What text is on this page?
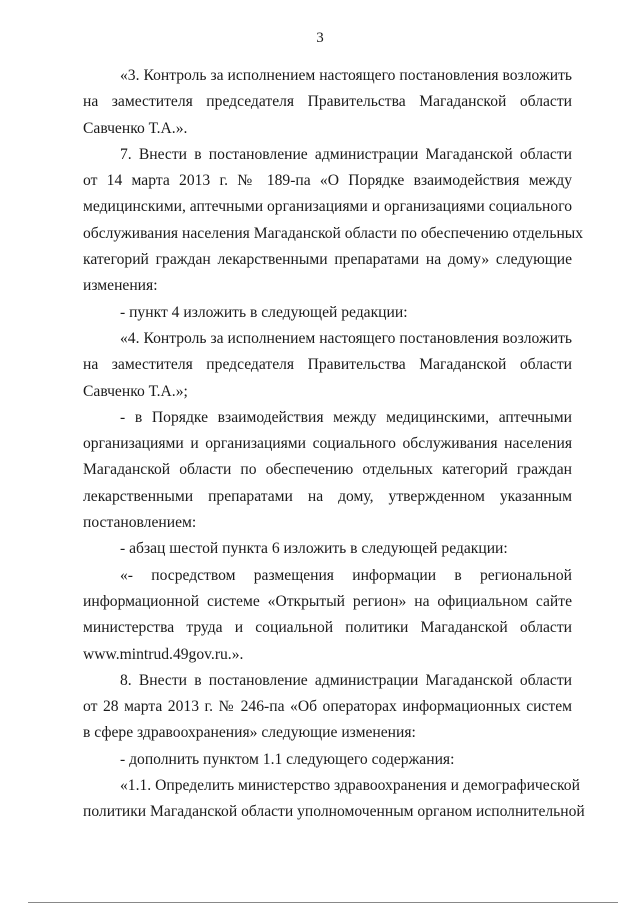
3
«3. Контроль за исполнением настоящего постановления возложить
на заместителя председателя Правительства Магаданской области
Савченко Т.А.».
7. Внести в постановление администрации Магаданской области
от 14 марта 2013 г. № 189-па «О Порядке взаимодействия между
медицинскими, аптечными организациями и организациями социального
обслуживания населения Магаданской области по обеспечению отдельных
категорий граждан лекарственными препаратами на дому» следующие
изменения:
- пункт 4 изложить в следующей редакции:
«4. Контроль за исполнением настоящего постановления возложить
на заместителя председателя Правительства Магаданской области
Савченко Т.А.»;
- в Порядке взаимодействия между медицинскими, аптечными
организациями и организациями социального обслуживания населения
Магаданской области по обеспечению отдельных категорий граждан
лекарственными препаратами на дому, утвержденном указанным
постановлением:
- абзац шестой пункта 6 изложить в следующей редакции:
«- посредством размещения информации в региональной
информационной системе «Открытый регион» на официальном сайте
министерства труда и социальной политики Магаданской области
www.mintrud.49gov.ru.».
8. Внести в постановление администрации Магаданской области
от 28 марта 2013 г. № 246-па «Об операторах информационных систем
в сфере здравоохранения» следующие изменения:
- дополнить пунктом 1.1 следующего содержания:
«1.1. Определить министерство здравоохранения и демографической
политики Магаданской области уполномоченным органом исполнительной
